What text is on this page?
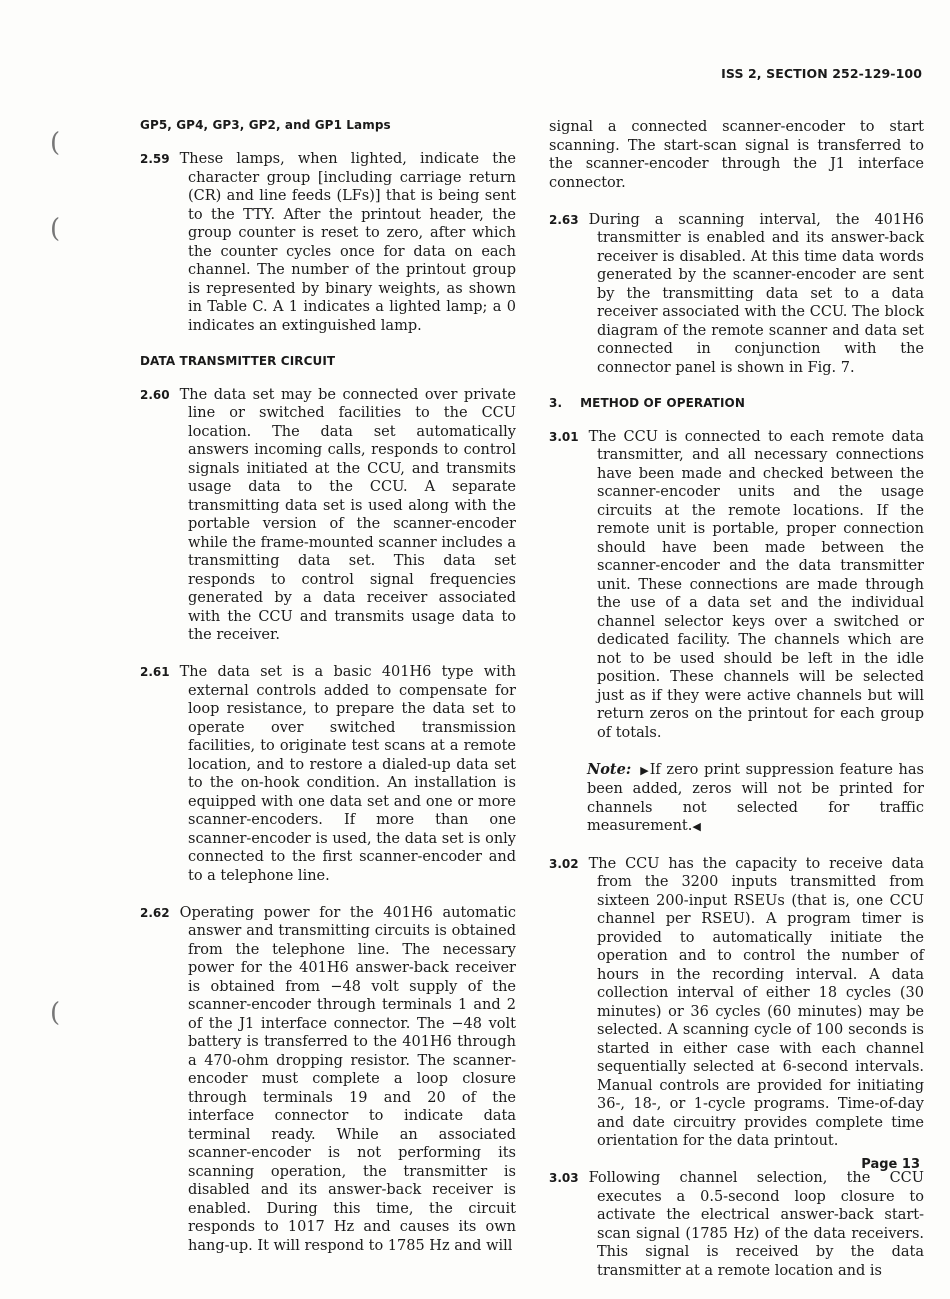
ISS 2, SECTION 252-129-100
(
(
(
GP5, GP4, GP3, GP2, and GP1 Lamps

2.59 These lamps, when lighted, indicate the character group [including carriage return (CR) and line feeds (LFs)] that is being sent to the TTY. After the printout header, the group counter is reset to zero, after which the counter cycles once for data on each channel. The number of the printout group is represented by binary weights, as shown in Table C. A 1 indicates a lighted lamp; a 0 indicates an extinguished lamp.

DATA TRANSMITTER CIRCUIT

2.60 The data set may be connected over private line or switched facilities to the CCU location. The data set automatically answers incoming calls, responds to control signals initiated at the CCU, and transmits usage data to the CCU. A separate transmitting data set is used along with the portable version of the scanner-encoder while the frame-mounted scanner includes a transmitting data set. This data set responds to control signal frequencies generated by a data receiver associated with the CCU and transmits usage data to the receiver.

2.61 The data set is a basic 401H6 type with external controls added to compensate for loop resistance, to prepare the data set to operate over switched transmission facilities, to originate test scans at a remote location, and to restore a dialed-up data set to the on-hook condition. An installation is equipped with one data set and one or more scanner-encoders. If more than one scanner-encoder is used, the data set is only connected to the first scanner-encoder and to a telephone line.

2.62 Operating power for the 401H6 automatic answer and transmitting circuits is obtained from the telephone line. The necessary power for the 401H6 answer-back receiver is obtained from −48 volt supply of the scanner-encoder through terminals 1 and 2 of the J1 interface connector. The −48 volt battery is transferred to the 401H6 through a 470-ohm dropping resistor. The scanner-encoder must complete a loop closure through terminals 19 and 20 of the interface connector to indicate data terminal ready. While an associated scanner-encoder is not performing its scanning operation, the transmitter is disabled and its answer-back receiver is enabled. During this time, the circuit responds to 1017 Hz and causes its own hang-up. It will respond to 1785 Hz and will

signal a connected scanner-encoder to start scanning. The start-scan signal is transferred to the scanner-encoder through the J1 interface connector.

2.63 During a scanning interval, the 401H6 transmitter is enabled and its answer-back receiver is disabled. At this time data words generated by the scanner-encoder are sent by the transmitting data set to a data receiver associated with the CCU. The block diagram of the remote scanner and data set connected in conjunction with the connector panel is shown in Fig. 7.

3. METHOD OF OPERATION

3.01 The CCU is connected to each remote data transmitter, and all necessary connections have been made and checked between the scanner-encoder units and the usage circuits at the remote locations. If the remote unit is portable, proper connection should have been made between the scanner-encoder and the data transmitter unit. These connections are made through the use of a data set and the individual channel selector keys over a switched or dedicated facility. The channels which are not to be used should be left in the idle position. These channels will be selected just as if they were active channels but will return zeros on the printout for each group of totals.

Note: ▶If zero print suppression feature has been added, zeros will not be printed for channels not selected for traffic measurement.◀

3.02 The CCU has the capacity to receive data from the 3200 inputs transmitted from sixteen 200-input RSEUs (that is, one CCU channel per RSEU). A program timer is provided to automatically initiate the operation and to control the number of hours in the recording interval. A data collection interval of either 18 cycles (30 minutes) or 36 cycles (60 minutes) may be selected. A scanning cycle of 100 seconds is started in either case with each channel sequentially selected at 6-second intervals. Manual controls are provided for initiating 36-, 18-, or 1-cycle programs. Time-of-day and date circuitry provides complete time orientation for the data printout.

3.03 Following channel selection, the CCU executes a 0.5-second loop closure to activate the electrical answer-back start-scan signal (1785 Hz) of the data receivers. This signal is received by the data transmitter at a remote location and is

Page 13
